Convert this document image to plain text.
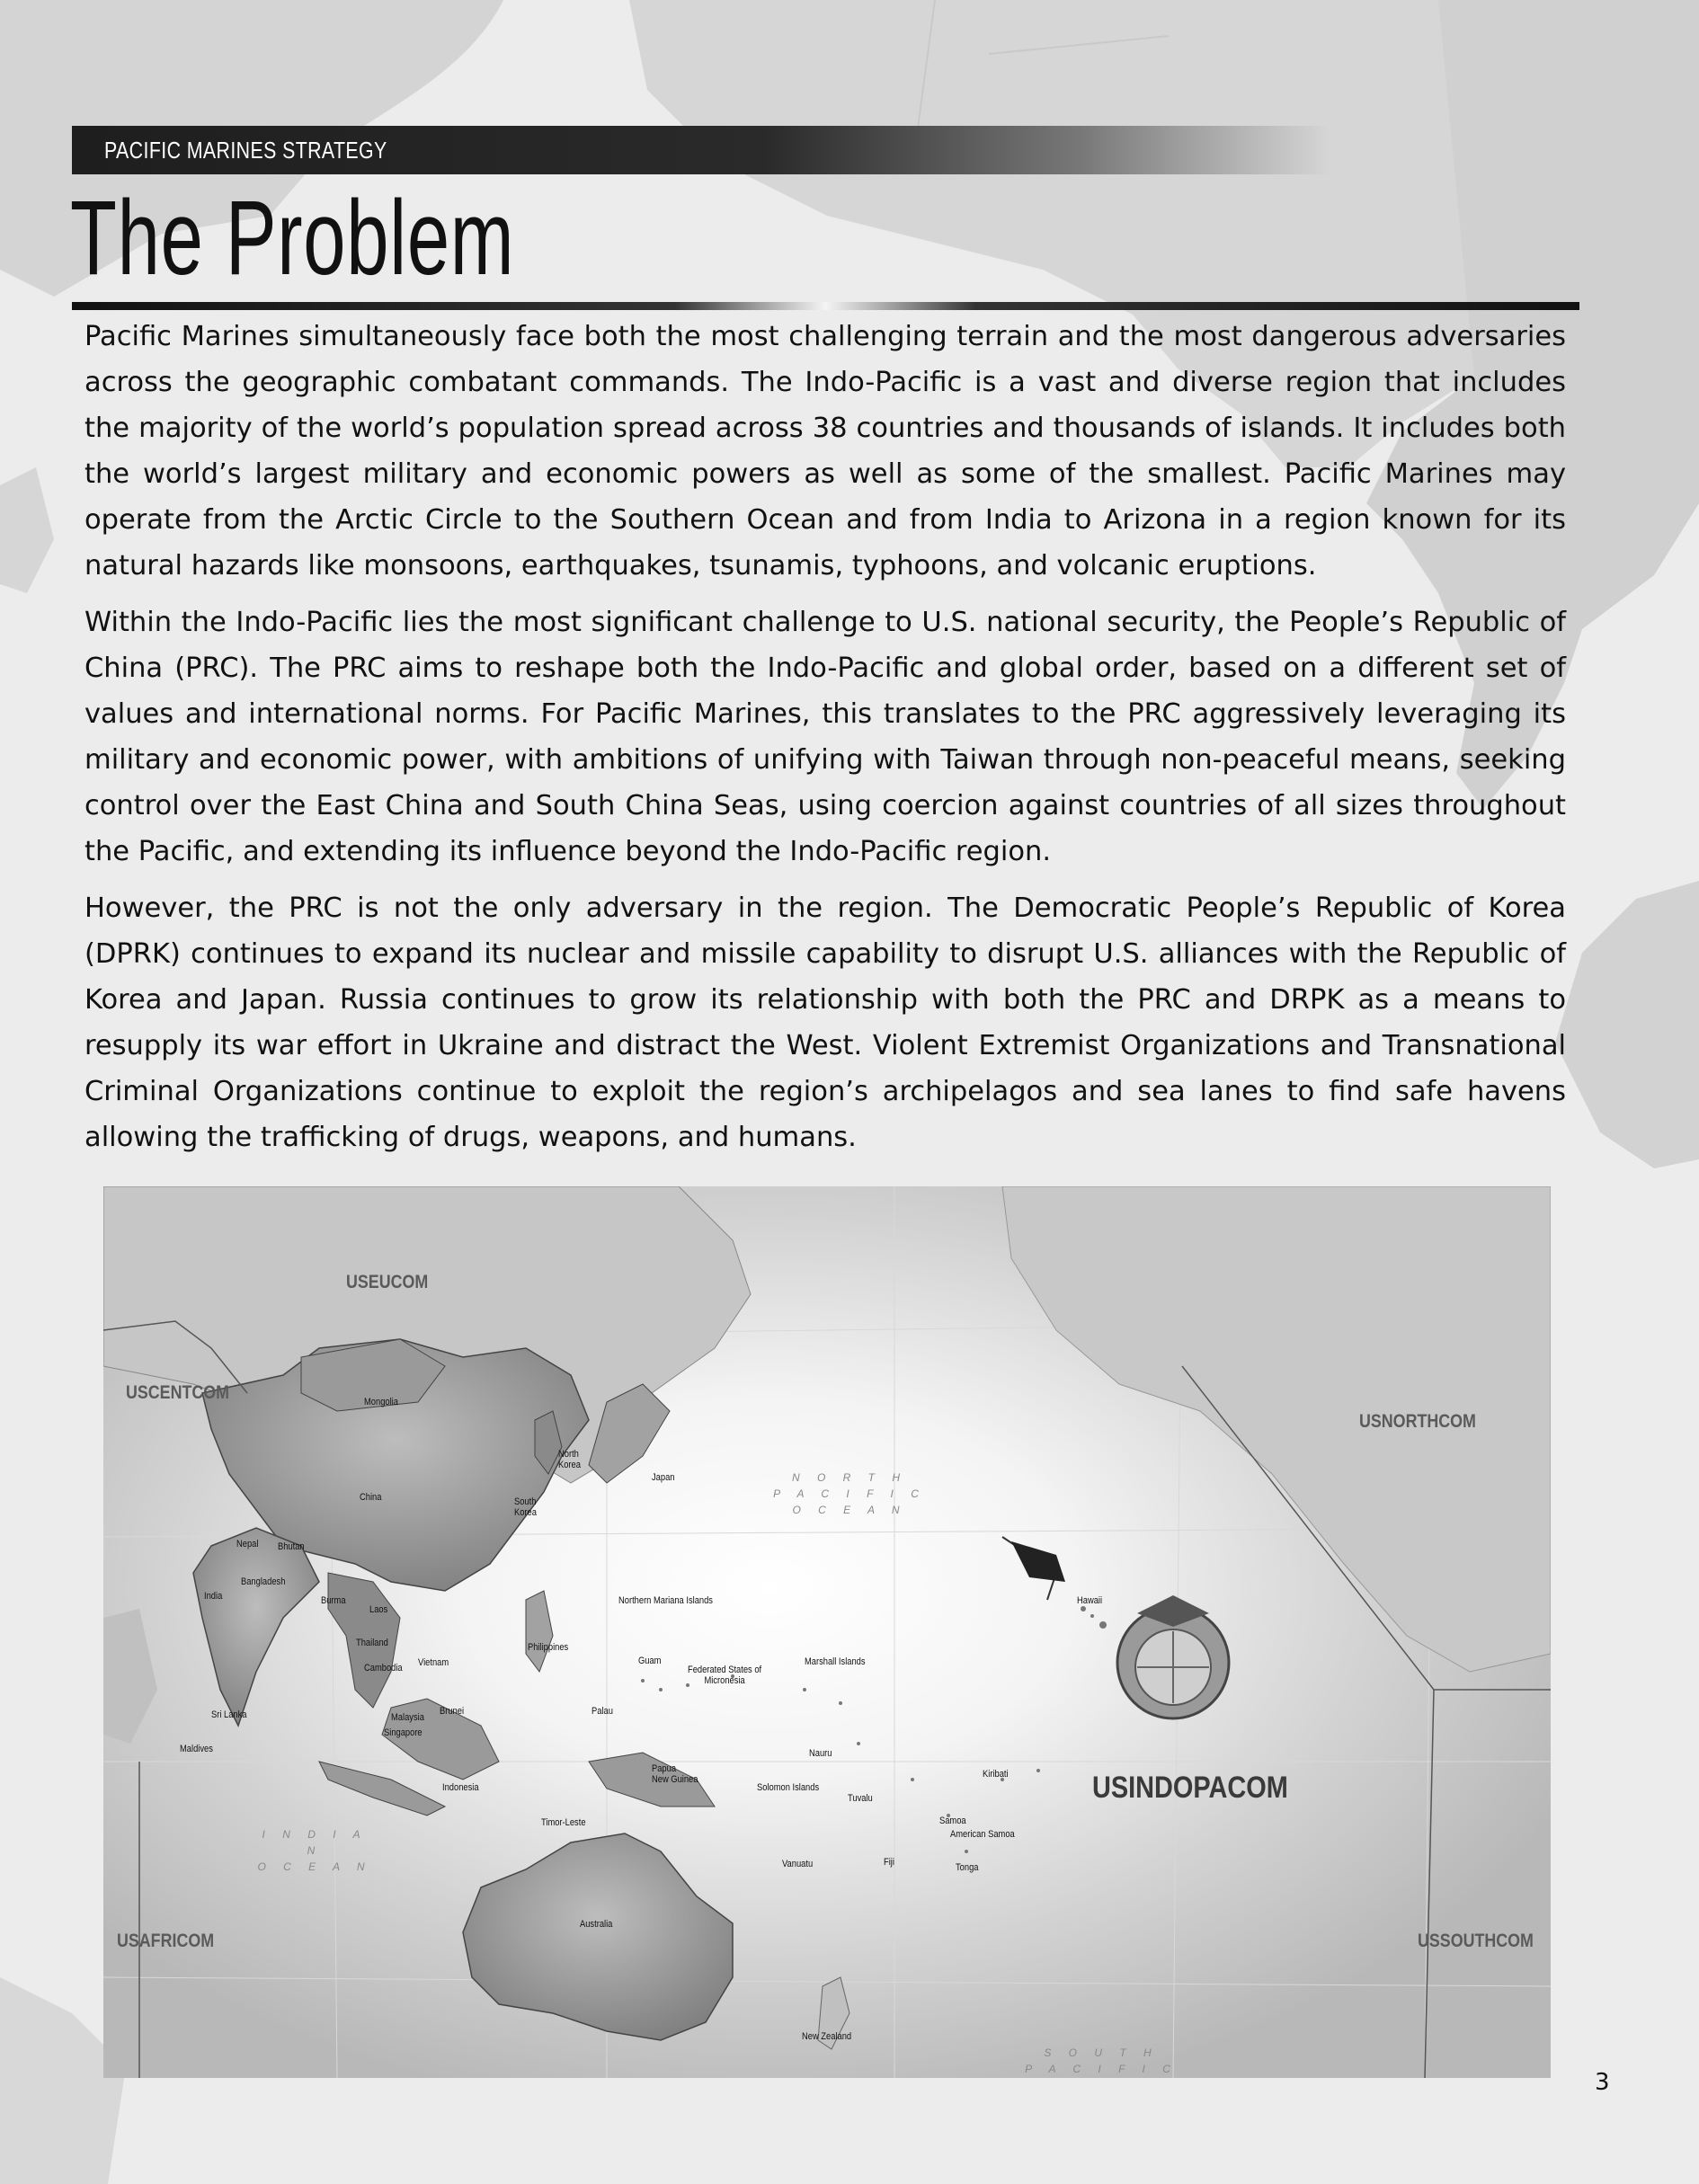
PACIFIC MARINES STRATEGY
The Problem

Pacific Marines simultaneously face both the most challenging terrain and the most dangerous adversaries across the geographic combatant commands. The Indo-Pacific is a vast and diverse region that includes the majority of the world’s population spread across 38 countries and thousands of islands. It includes both the world’s largest military and economic powers as well as some of the smallest. Pacific Marines may operate from the Arctic Circle to the Southern Ocean and from India to Arizona in a region known for its natural hazards like monsoons, earthquakes, tsunamis, typhoons, and volcanic eruptions.

Within the Indo-Pacific lies the most significant challenge to U.S. national security, the People’s Republic of China (PRC). The PRC aims to reshape both the Indo-Pacific and global order, based on a different set of values and international norms. For Pacific Marines, this translates to the PRC aggressively leveraging its military and economic power, with ambitions of unifying with Taiwan through non-peaceful means, seeking control over the East China and South China Seas, using coercion against countries of all sizes throughout the Pacific, and extending its influence beyond the Indo-Pacific region.

However, the PRC is not the only adversary in the region. The Democratic People’s Republic of Korea (DPRK) continues to expand its nuclear and missile capability to disrupt U.S. alliances with the Republic of Korea and Japan. Russia continues to grow its relationship with both the PRC and DRPK as a means to resupply its war effort in Ukraine and distract the West. Violent Extremist Organizations and Transnational Criminal Organizations continue to exploit the region’s archipelagos and sea lanes to find safe havens allowing the trafficking of drugs, weapons, and humans.

USEUCOM
USCENTCOM
USNORTHCOM
USAFRICOM	USSOUTHCOM
USINDOPACOM
N O R T H
P A C I F I C
O C E A N
I N D I A N
O C E A N
S O U T H
P A C I F I C
Mongolia
China
North
Korea
South
Korea
Japan
Nepal Bhutan
Bangladesh
India	Burma
Laos
Thailand
Vietnam
Cambodia
Sri Lanka
Maldives
Malaysia
Brunei
Singapore
Philippines
Indonesia
Timor-Leste
Palau
Papua
New Guinea
Guam
Northern Mariana Islands
Federated States of
Micronesia
Marshall Islands
Nauru
Solomon Islands
Tuvalu
Kiribati
Samoa
American Samoa
Vanuatu	Fiji	Tonga
Australia
New Zealand
Hawaii
3
